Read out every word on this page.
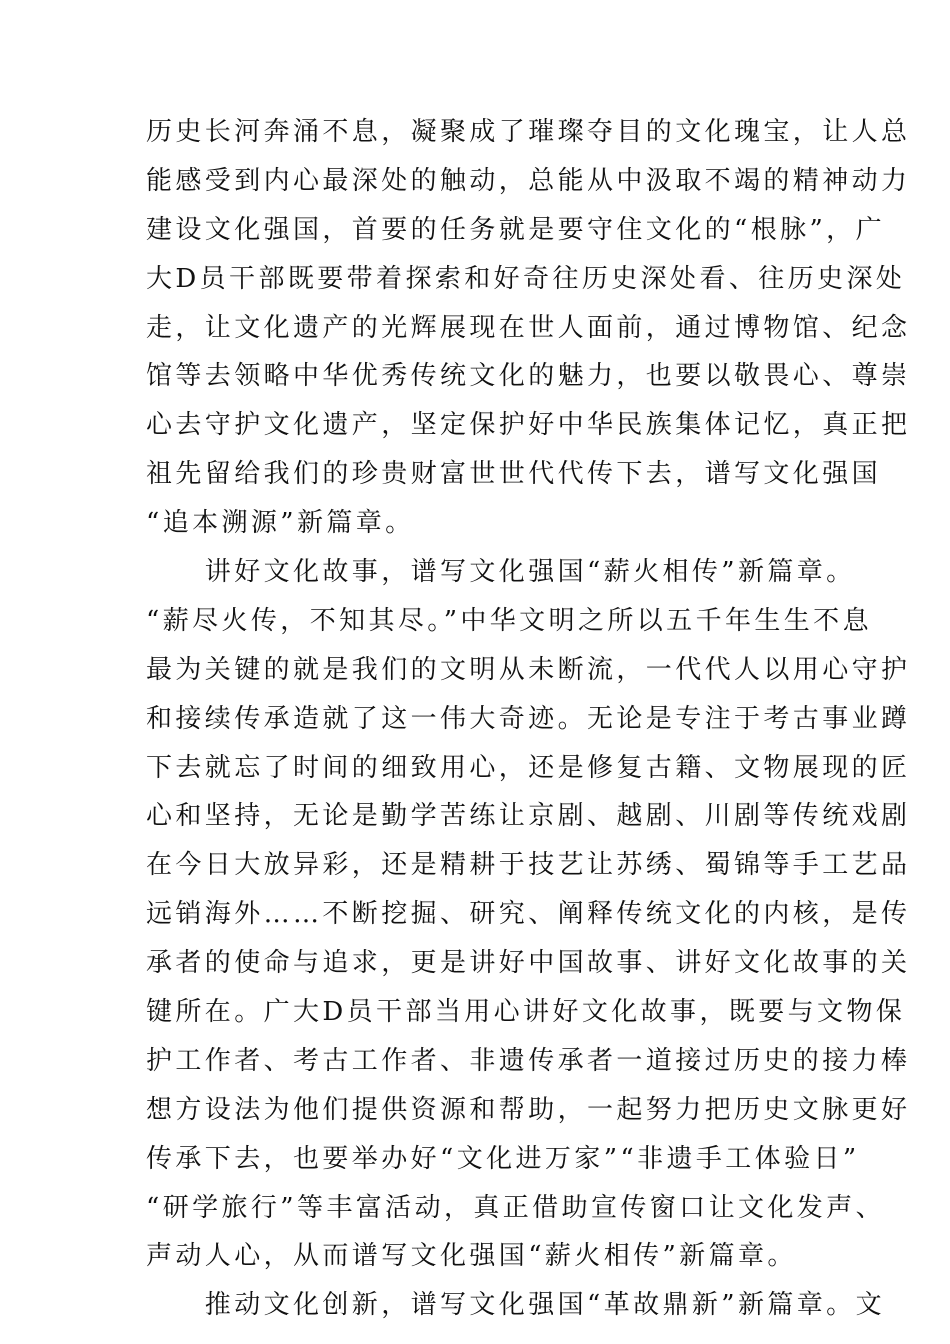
历史长河奔涌不息，凝聚成了璀璨夺目的文化瑰宝，让人总
能感受到内心最深处的触动，总能从中汲取不竭的精神动力
建设文化强国，首要的任务就是要守住文化的“根脉”，广
大D员干部既要带着探索和好奇往历史深处看、往历史深处
走，让文化遗产的光辉展现在世人面前，通过博物馆、纪念
馆等去领略中华优秀传统文化的魅力，也要以敬畏心、尊崇
心去守护文化遗产，坚定保护好中华民族集体记忆，真正把
祖先留给我们的珍贵财富世世代代传下去，谱写文化强国
“追本溯源”新篇章。
　　讲好文化故事，谱写文化强国“薪火相传”新篇章。
“薪尽火传，不知其尽。”中华文明之所以五千年生生不息
最为关键的就是我们的文明从未断流，一代代人以用心守护
和接续传承造就了这一伟大奇迹。无论是专注于考古事业蹲
下去就忘了时间的细致用心，还是修复古籍、文物展现的匠
心和坚持，无论是勤学苦练让京剧、越剧、川剧等传统戏剧
在今日大放异彩，还是精耕于技艺让苏绣、蜀锦等手工艺品
远销海外……不断挖掘、研究、阐释传统文化的内核，是传
承者的使命与追求，更是讲好中国故事、讲好文化故事的关
键所在。广大D员干部当用心讲好文化故事，既要与文物保
护工作者、考古工作者、非遗传承者一道接过历史的接力棒
想方设法为他们提供资源和帮助，一起努力把历史文脉更好
传承下去，也要举办好“文化进万家”“非遗手工体验日”
“研学旅行”等丰富活动，真正借助宣传窗口让文化发声、
声动人心，从而谱写文化强国“薪火相传”新篇章。
　　推动文化创新，谱写文化强国“革故鼎新”新篇章。文
